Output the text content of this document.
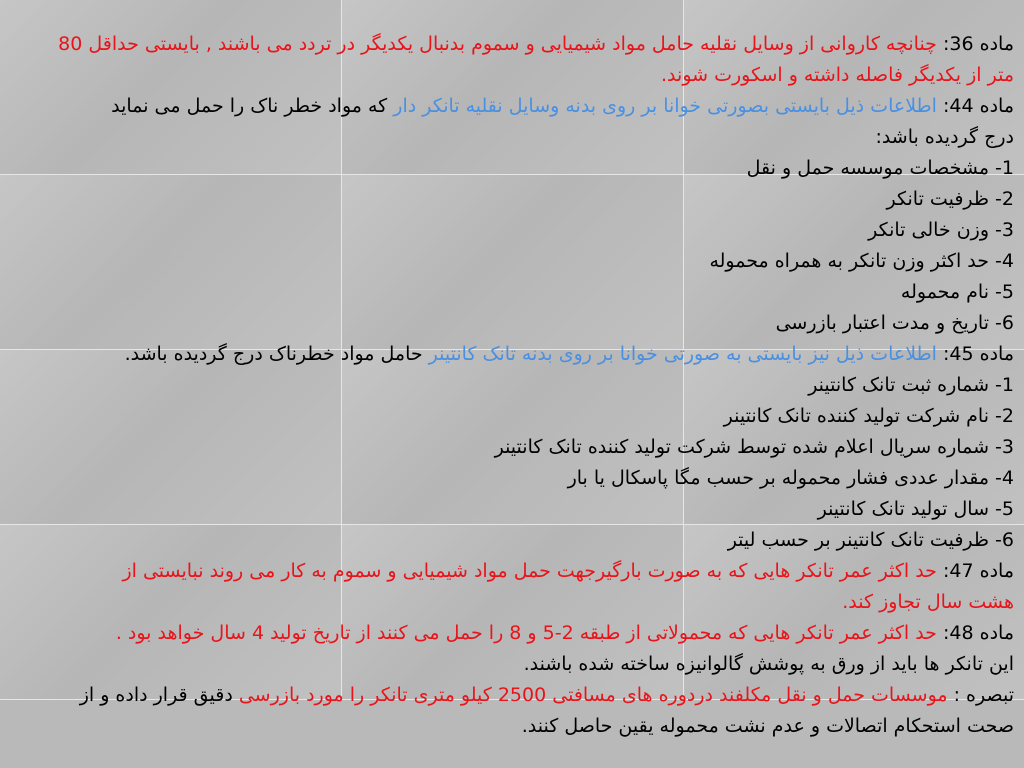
ماده 36: چنانچه کاروانی از وسایل نقلیه حامل مواد شیمیایی و سموم بدنبال یکدیگر در تردد می باشند , بایستی حداقل 80
متر از یکدیگر فاصله داشته و اسکورت شوند.
ماده 44: اطلاعات ذیل بایستی بصورتی خوانا بر روی بدنه وسایل نقلیه تانکر دار که مواد خطر ناک را حمل می نماید
درج گردیده باشد:
1- مشخصات موسسه حمل و نقل
2- ظرفیت تانکر
3- وزن خالی تانکر
4- حد اکثر وزن تانکر به همراه محموله
5- نام محموله
6- تاریخ و مدت اعتبار بازرسی
ماده 45: اطلاعات ذیل نیز بایستی به صورتی خوانا بر روی بدنه تانک کانتینر حامل مواد خطرناک درج گردیده باشد.
1- شماره ثبت تانک کانتینر
2- نام شرکت تولید کننده تانک کانتینر
3- شماره سریال اعلام شده توسط شرکت تولید کننده تانک کانتینر
4- مقدار عددی فشار محموله بر حسب مگا پاسکال یا بار
5- سال تولید تانک کانتینر
6- ظرفیت تانک کانتینر بر حسب لیتر
ماده 47: حد اکثر عمر تانکر هایی که به صورت بارگیرجهت حمل مواد شیمیایی و سموم به کار می روند نبایستی از
هشت سال تجاوز کند.
ماده 48: حد اکثر عمر تانکر هایی که محمولاتی از طبقه 2-5 و 8 را حمل می کنند از تاریخ تولید 4 سال خواهد بود .
این تانکر ها باید از ورق به پوشش گالوانیزه ساخته شده باشند.
تبصره : موسسات حمل و نقل مکلفند دردوره های مسافتی 2500 کیلو متری تانکر را مورد بازرسی دقیق قرار داده و از
صحت استحکام اتصالات و عدم نشت محموله یقین حاصل کنند.
